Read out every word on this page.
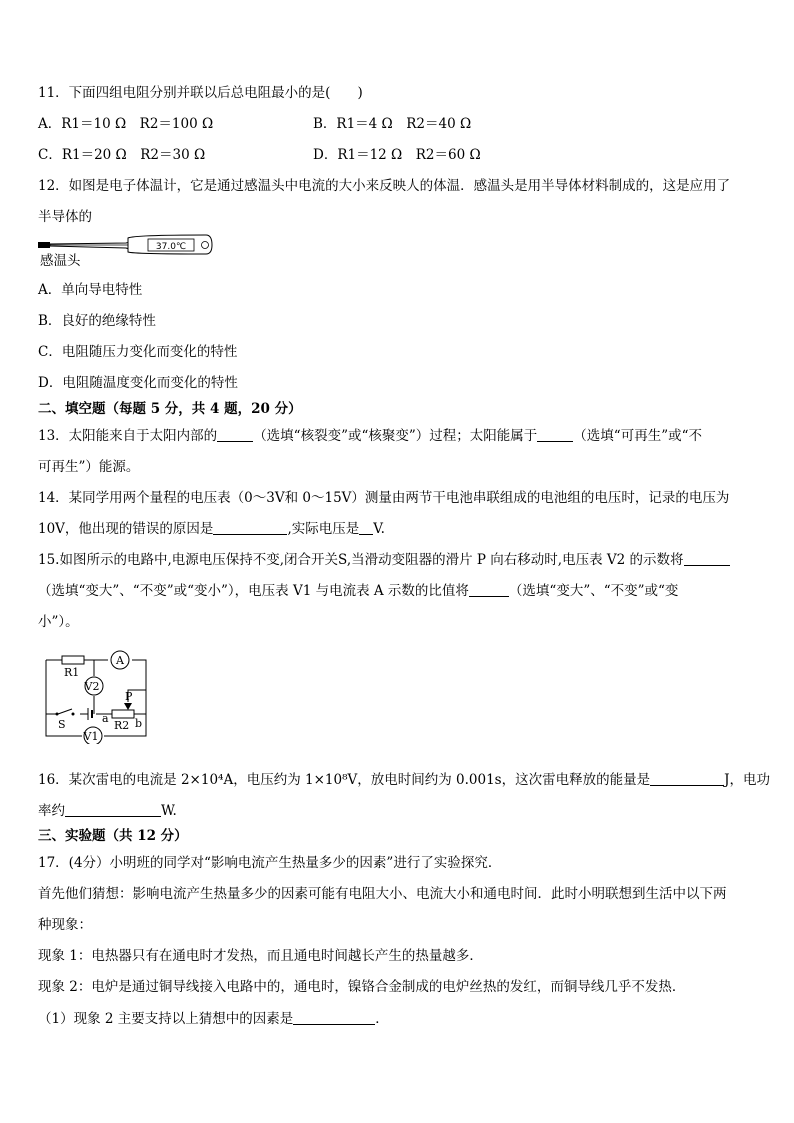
11．下面四组电阻分别并联以后总电阻最小的是(　　)
A．R1＝10 Ω　R2＝100 Ω	B．R1＝4 Ω　R2＝40 Ω
C．R1＝20 Ω　R2＝30 Ω	D．R1＝12 Ω　R2＝60 Ω
12．如图是电子体温计，它是通过感温头中电流的大小来反映人的体温．感温头是用半导体材料制成的，这是应用了
半导体的
37.0℃
感温头
A．单向导电特性
B．良好的绝缘特性
C．电阻随压力变化而变化的特性
D．电阻随温度变化而变化的特性
二、填空题（每题 5 分，共 4 题，20 分）
13．太阳能来自于太阳内部的	（选填“核裂变”或“核聚变”）过程；太阳能属于	（选填“可再生”或“不
可再生”）能源。
14．某同学用两个量程的电压表（0～3V和 0～15V）测量由两节干电池串联组成的电池组的电压时，记录的电压为
10V，他出现的错误的原因是	,实际电压是 V.
15.如图所示的电路中,电源电压保持不变,闭合开关S,当滑动变阻器的滑片 P 向右移动时,电压表 V2 的示数将
（选填“变大”、“不变”或“变小”），电压表 V1 与电流表 A 示数的比值将	（选填“变大”、“不变”或“变
小”）。
A
V2
V1
R1
P
S	a
R2 b
16．某次雷电的电流是 2×10⁴A，电压约为 1×10⁸V，放电时间约为 0.001s，这次雷电释放的能量是	J，电功
率约	W.
三、实验题（共 12 分）
17．(4分）小明班的同学对“影响电流产生热量多少的因素”进行了实验探究．
首先他们猜想：影响电流产生热量多少的因素可能有电阻大小、电流大小和通电时间．此时小明联想到生活中以下两
种现象：
现象 1：电热器只有在通电时才发热，而且通电时间越长产生的热量越多．
现象 2：电炉是通过铜导线接入电路中的，通电时，镍铬合金制成的电炉丝热的发红，而铜导线几乎不发热．
（1）现象 2 主要支持以上猜想中的因素是	．
